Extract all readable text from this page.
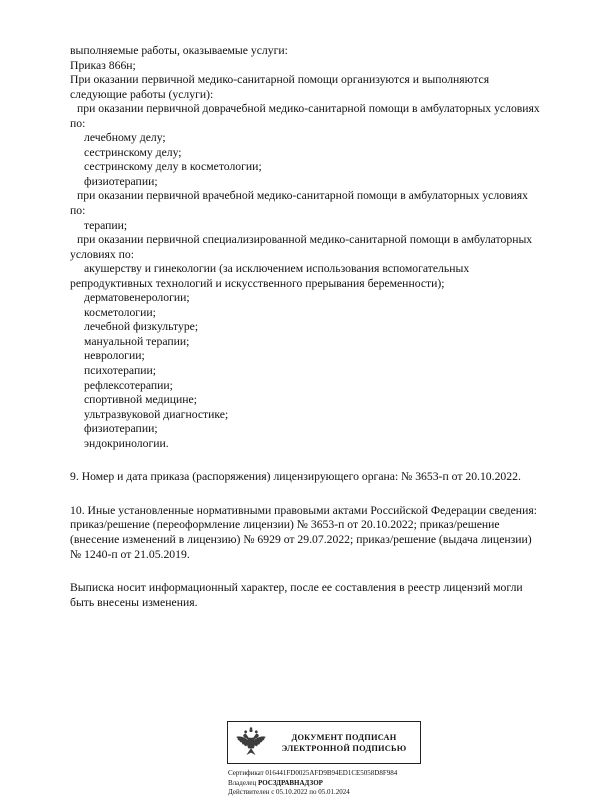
выполняемые работы, оказываемые услуги:

Приказ 866н;

При оказании первичной медико-санитарной помощи организуются и выполняются следующие работы (услуги):

при оказании первичной доврачебной медико-санитарной помощи в амбулаторных условиях по:

лечебному делу;

сестринскому делу;

сестринскому делу в косметологии;

физиотерапии;

при оказании первичной врачебной медико-санитарной помощи в амбулаторных условиях по:

терапии;

при оказании первичной специализированной медико-санитарной помощи в амбулаторных условиях по:

акушерству и гинекологии (за исключением использования вспомогательных репродуктивных технологий и искусственного прерывания беременности);

дерматовенерологии;

косметологии;

лечебной физкультуре;

мануальной терапии;

неврологии;

психотерапии;

рефлексотерапии;

спортивной медицине;

ультразвуковой диагностике;

физиотерапии;

эндокринологии.

9. Номер и дата приказа (распоряжения) лицензирующего органа: № 3653-п от 20.10.2022.

10. Иные установленные нормативными правовыми актами Российской Федерации сведения: приказ/решение (переоформление лицензии) № 3653-п от 20.10.2022; приказ/решение (внесение изменений в лицензию) № 6929 от 29.07.2022; приказ/решение (выдача лицензии) № 1240-п от 21.05.2019.

Выписка носит информационный характер, после ее составления в реестр лицензий могли быть внесены изменения.

ДОКУМЕНТ ПОДПИСАН
ЭЛЕКТРОННОЙ ПОДПИСЬЮ
Сертификат 016441FD0025AFD9B94ED1CE5058D8F984
Владелец РОСЗДРАВНАДЗОР
Действителен с 05.10.2022 по 05.01.2024
